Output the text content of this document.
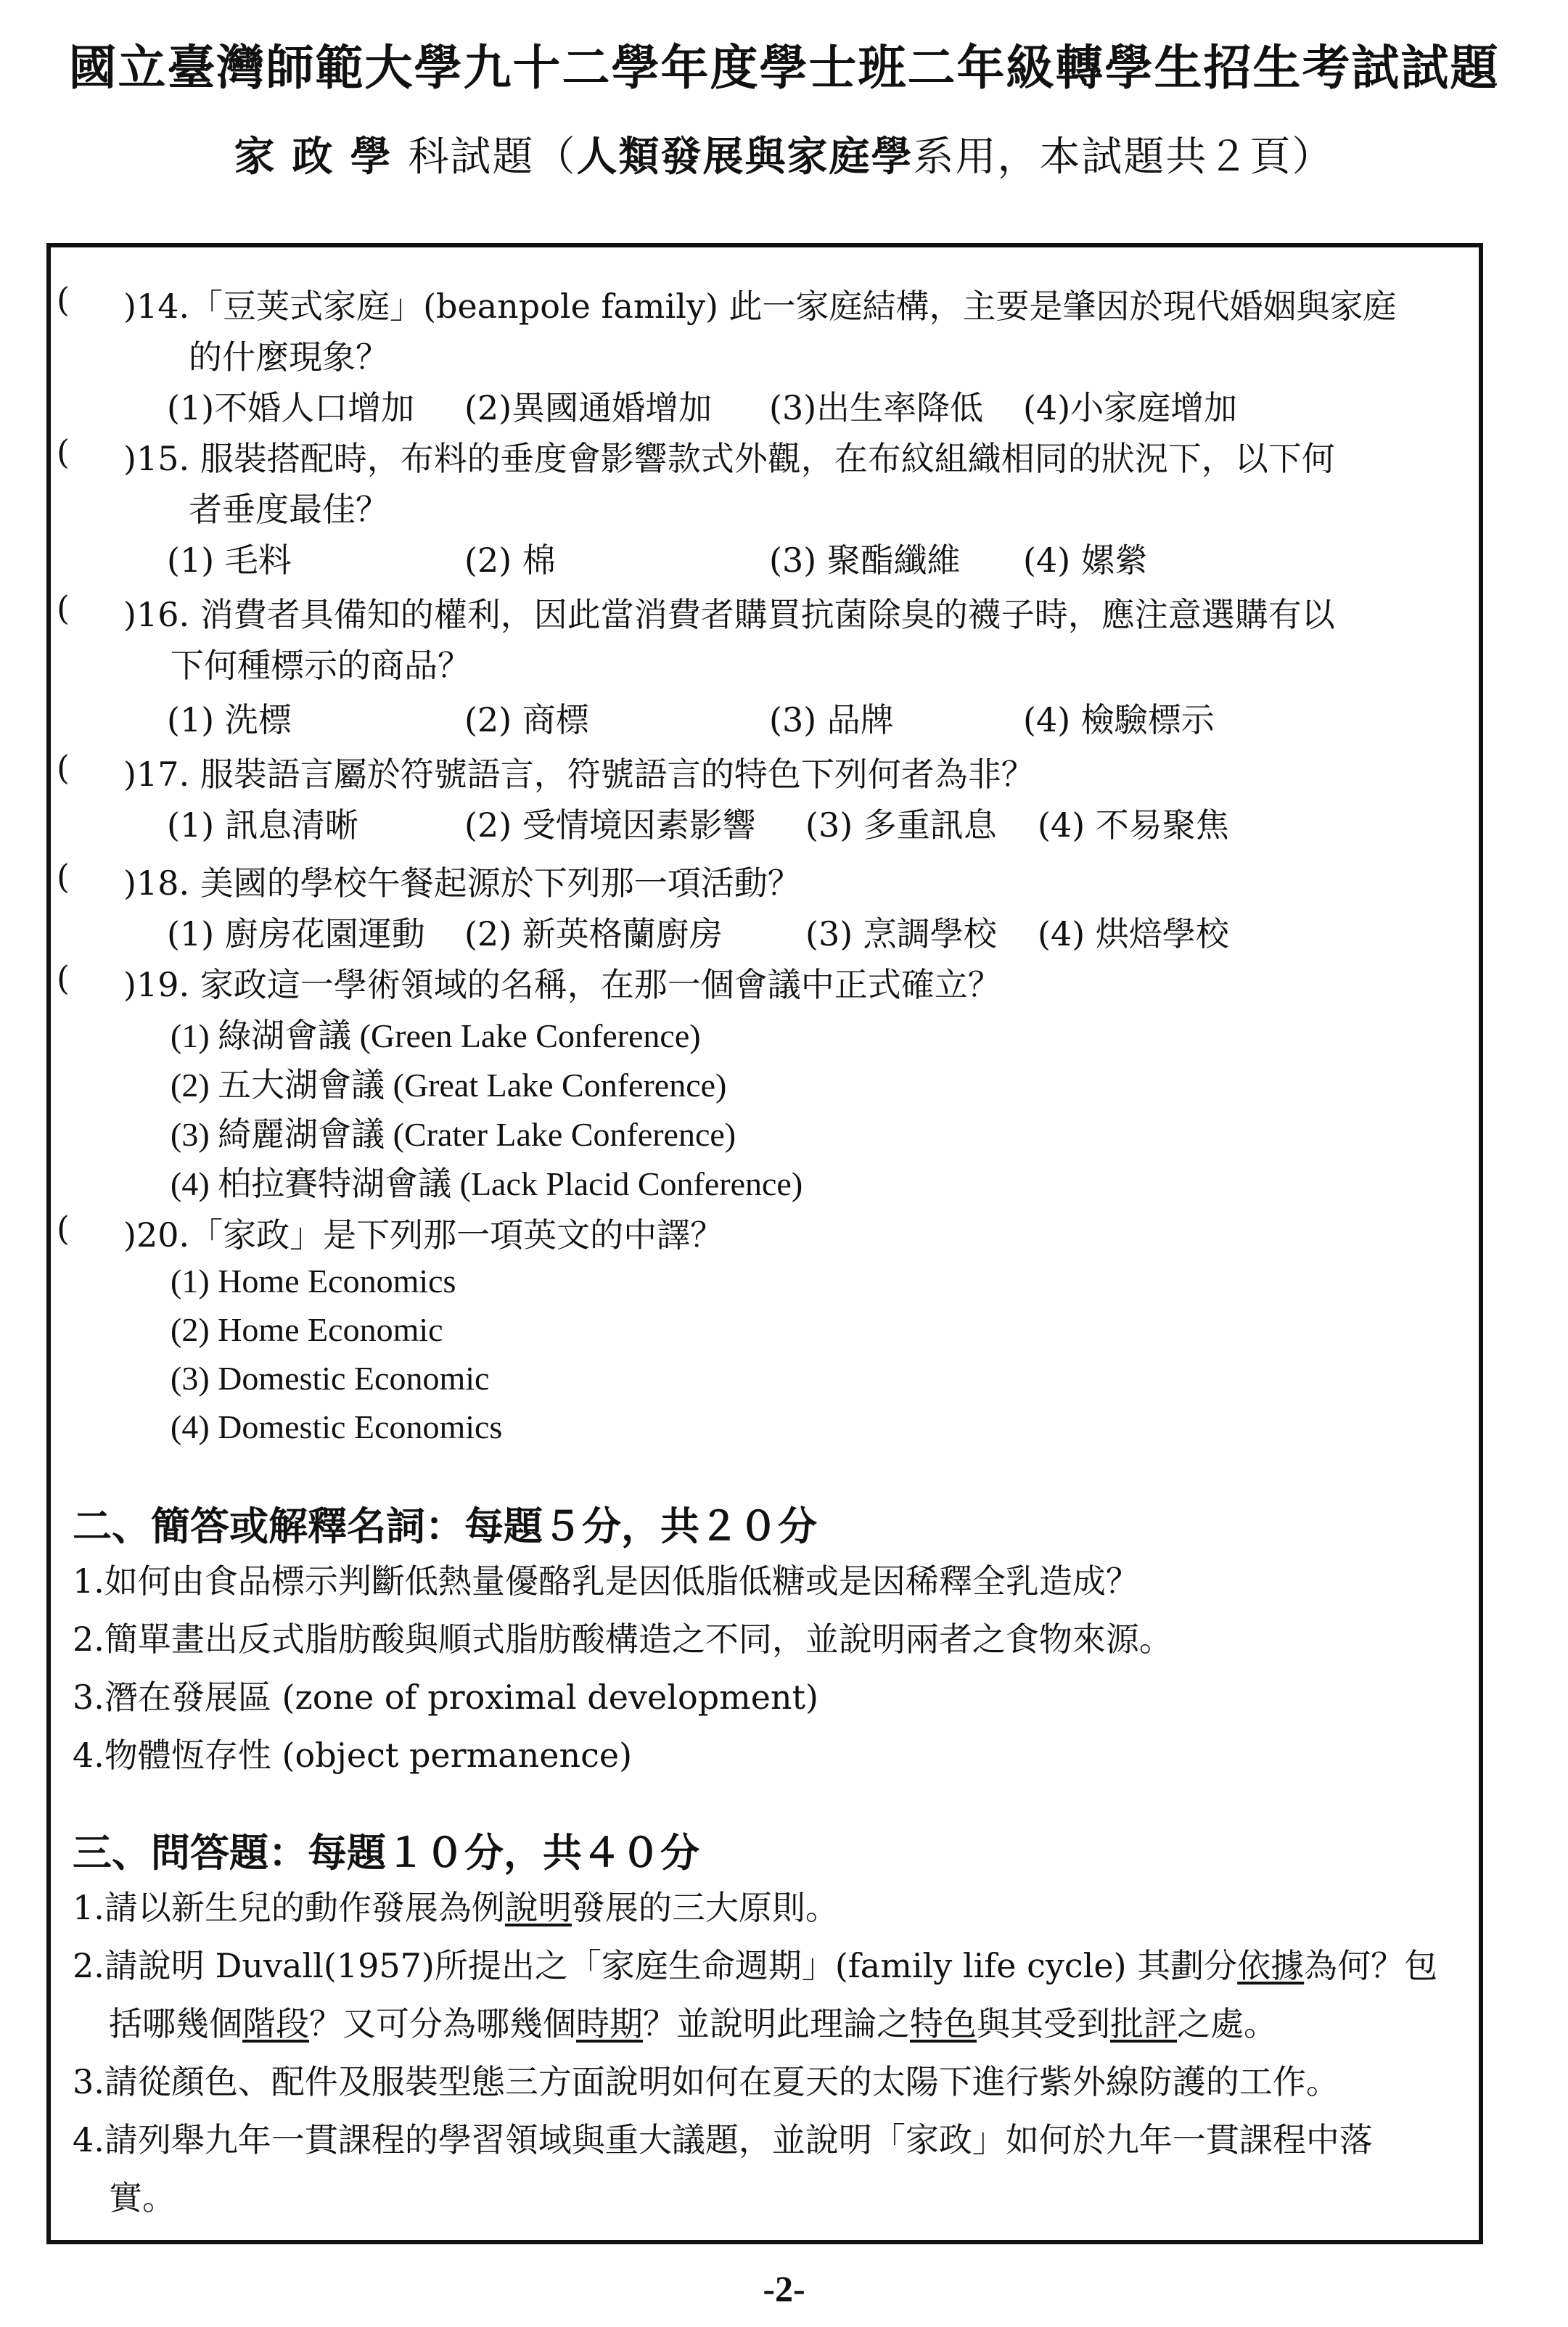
國立臺灣師範大學九十二學年度學士班二年級轉學生招生考試試題
家政學科試題（人類發展與家庭學系用，本試題共２頁）
( )14.「豆荚式家庭」(beanpole family) 此一家庭結構，主要是肇因於現代婚姻與家庭
的什麼現象？
(1)不婚人口增加 (2)異國通婚增加 (3)出生率降低 (4)小家庭增加
( )15. 服裝搭配時，布料的垂度會影響款式外觀，在布紋組織相同的狀況下，以下何
者垂度最佳？
(1) 毛料	(2) 棉	(3) 聚酯纖維 (4) 嫘縈
( )16. 消費者具備知的權利，因此當消費者購買抗菌除臭的襪子時，應注意選購有以
下何種標示的商品？
(1) 洗標	(2) 商標	(3) 品牌	(4) 檢驗標示
( )17. 服裝語言屬於符號語言，符號語言的特色下列何者為非？
(1) 訊息清晰	(2) 受情境因素影響 (3) 多重訊息 (4) 不易聚焦
( )18. 美國的學校午餐起源於下列那一項活動？
(1) 廚房花園運動 (2) 新英格蘭廚房 (3) 烹調學校 (4) 烘焙學校
( )19. 家政這一學術領域的名稱，在那一個會議中正式確立？
(1) 綠湖會議 (Green Lake Conference)
(2) 五大湖會議 (Great Lake Conference)
(3) 綺麗湖會議 (Crater Lake Conference)
(4) 柏拉賽特湖會議 (Lack Placid Conference)
( )20.「家政」是下列那一項英文的中譯？
(1) Home Economics
(2) Home Economic
(3) Domestic Economic
(4) Domestic Economics
二、簡答或解釋名詞：每題５分，共２０分
1.如何由食品標示判斷低熱量優酪乳是因低脂低糖或是因稀釋全乳造成？
2.簡單畫出反式脂肪酸與順式脂肪酸構造之不同，並說明兩者之食物來源。
3.潛在發展區 (zone of proximal development)
4.物體恆存性 (object permanence)
三、問答題：每題１０分，共４０分
1.請以新生兒的動作發展為例說明發展的三大原則。
2.請說明 Duvall(1957)所提出之「家庭生命週期」(family life cycle) 其劃分依據為何？包
括哪幾個階段？又可分為哪幾個時期？並說明此理論之特色與其受到批評之處。
3.請從顏色、配件及服裝型態三方面說明如何在夏天的太陽下進行紫外線防護的工作。
4.請列舉九年一貫課程的學習領域與重大議題，並說明「家政」如何於九年一貫課程中落
實。
-2-
